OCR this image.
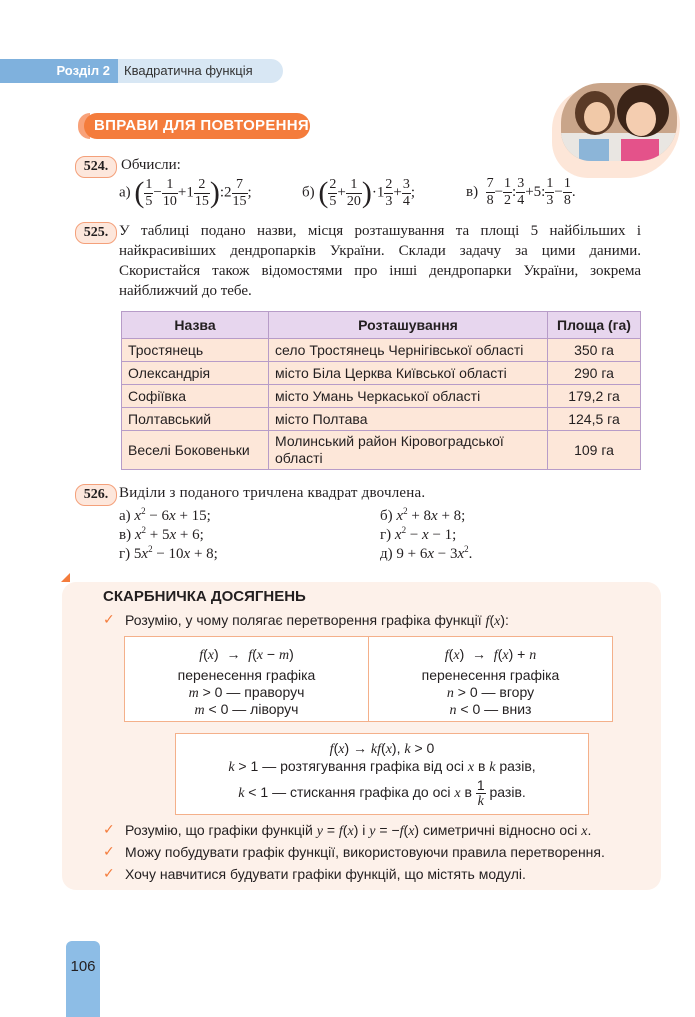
Розділ 2 Квадратична функція
ВПРАВИ ДЛЯ ПОВТОРЕННЯ
524. Обчисли:
а) ( $\frac{1}{5} - \frac{1}{10} +1 \frac{2}{15}$ ):2 $\frac{7}{15}$ ;	б) ( $\frac{2}{5} + \frac{1}{20} )\cdot 1 \frac{2}{3} + \frac{3}{4}$ ;	$в) \frac{7}{8} - \frac{1}{2}$ : $\frac{3}{4} +5$: $\frac{1}{3} - \frac{1}{8}$ .
525. У таблиці подано назви, місця розташування та площі 5 найбільших і найкрасивіших дендропарків України. Склади задачу за цими даними. Скористайся також відомостями про інші дендропарки України, зокрема найближчий до тебе.
Назва	Розташування	Площа (га)
Тростянець	село Тростянець Чернігівської області	350 га
Олександрія	місто Біла Церква Київської області	290 га
Софіївка	місто Умань Черкаської області	179,2 га
Полтавський	місто Полтава	124,5 га
Веселі Боковеньки	Молинський район Кіровоградської області	109 га
526. Виділи з поданого тричлена квадрат двочлена.
а) $x^2 - 6x + 15$;	б) $x^2 + 8x + 8$;
в) $x^2 + 5x + 6$;	г) $x^2 - x - 1$;
г) $5x^2 - 10x + 8$;	д) $9 + 6x - 3x^2$.
СКАРБНИЧКА ДОСЯГНЕНЬ
✓ Розумію, у чому полягає перетворення графіка функції f(x):
f(x)  →  f(x − m)
перенесення графіка
m > 0 — праворуч
m < 0 — ліворуч
f(x)  →  f(x) + n
перенесення графіка
n > 0 — вгору
n < 0 — вниз
f(x) → kf(x), k > 0
k > 1 — розтягування графіка від осі x в k разів,
k < 1 — стискання графіка до осі x в $\frac{1}{k}$ разів.
✓ Розумію, що графіки функцій y = f(x) і y = −f(x) симетричні відносно осі x.
✓ Можу побудувати графік функції, використовуючи правила перетворення.
✓ Хочу навчитися будувати графіки функцій, що містять модулі.
106
